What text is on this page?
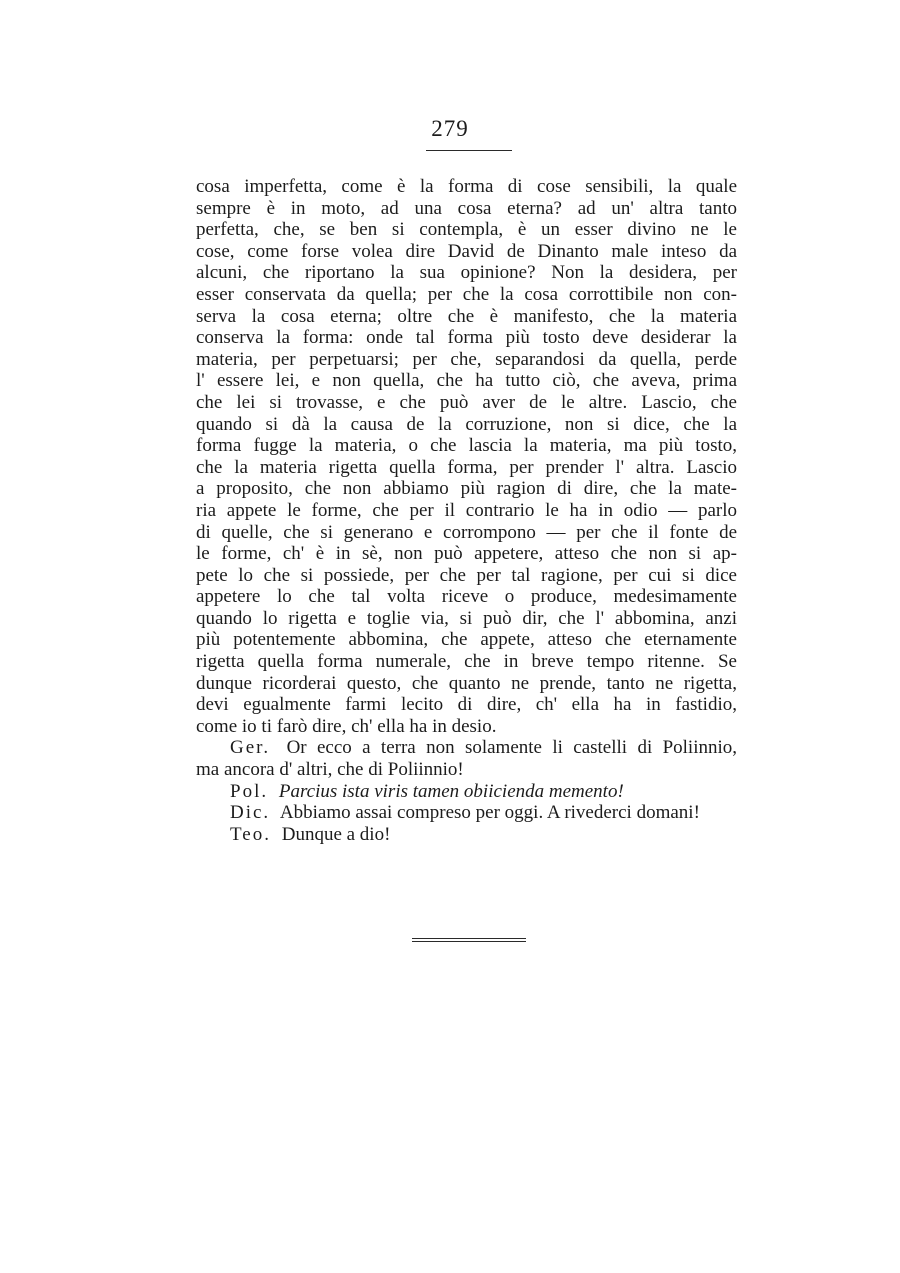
279
cosa imperfetta, come è la forma di cose sensibili, la quale
sempre è in moto, ad una cosa eterna? ad un' altra tanto
perfetta, che, se ben si contempla, è un esser divino ne le
cose, come forse volea dire David de Dinanto male inteso da
alcuni, che riportano la sua opinione? Non la desidera, per
esser conservata da quella; per che la cosa corrottibile non con-
serva la cosa eterna; oltre che è manifesto, che la materia
conserva la forma: onde tal forma più tosto deve desiderar la
materia, per perpetuarsi; per che, separandosi da quella, perde
l' essere lei, e non quella, che ha tutto ciò, che aveva, prima
che lei si trovasse, e che può aver de le altre. Lascio, che
quando si dà la causa de la corruzione, non si dice, che la
forma fugge la materia, o che lascia la materia, ma più tosto,
che la materia rigetta quella forma, per prender l' altra. Lascio
a proposito, che non abbiamo più ragion di dire, che la mate-
ria appete le forme, che per il contrario le ha in odio — parlo
di quelle, che si generano e corrompono — per che il fonte de
le forme, ch' è in sè, non può appetere, atteso che non si ap-
pete lo che si possiede, per che per tal ragione, per cui si dice
appetere lo che tal volta riceve o produce, medesimamente
quando lo rigetta e toglie via, si può dir, che l' abbomina, anzi
più potentemente abbomina, che appete, atteso che eternamente
rigetta quella forma numerale, che in breve tempo ritenne. Se
dunque ricorderai questo, che quanto ne prende, tanto ne rigetta,
devi egualmente farmi lecito di dire, ch' ella ha in fastidio,
come io ti farò dire, ch' ella ha in desio.
Ger. Or ecco a terra non solamente li castelli di Poliinnio,
ma ancora d' altri, che di Poliinnio!
Pol. Parcius ista viris tamen obiicienda memento!
Dic. Abbiamo assai compreso per oggi. A rivederci domani!
Teo. Dunque a dio!
